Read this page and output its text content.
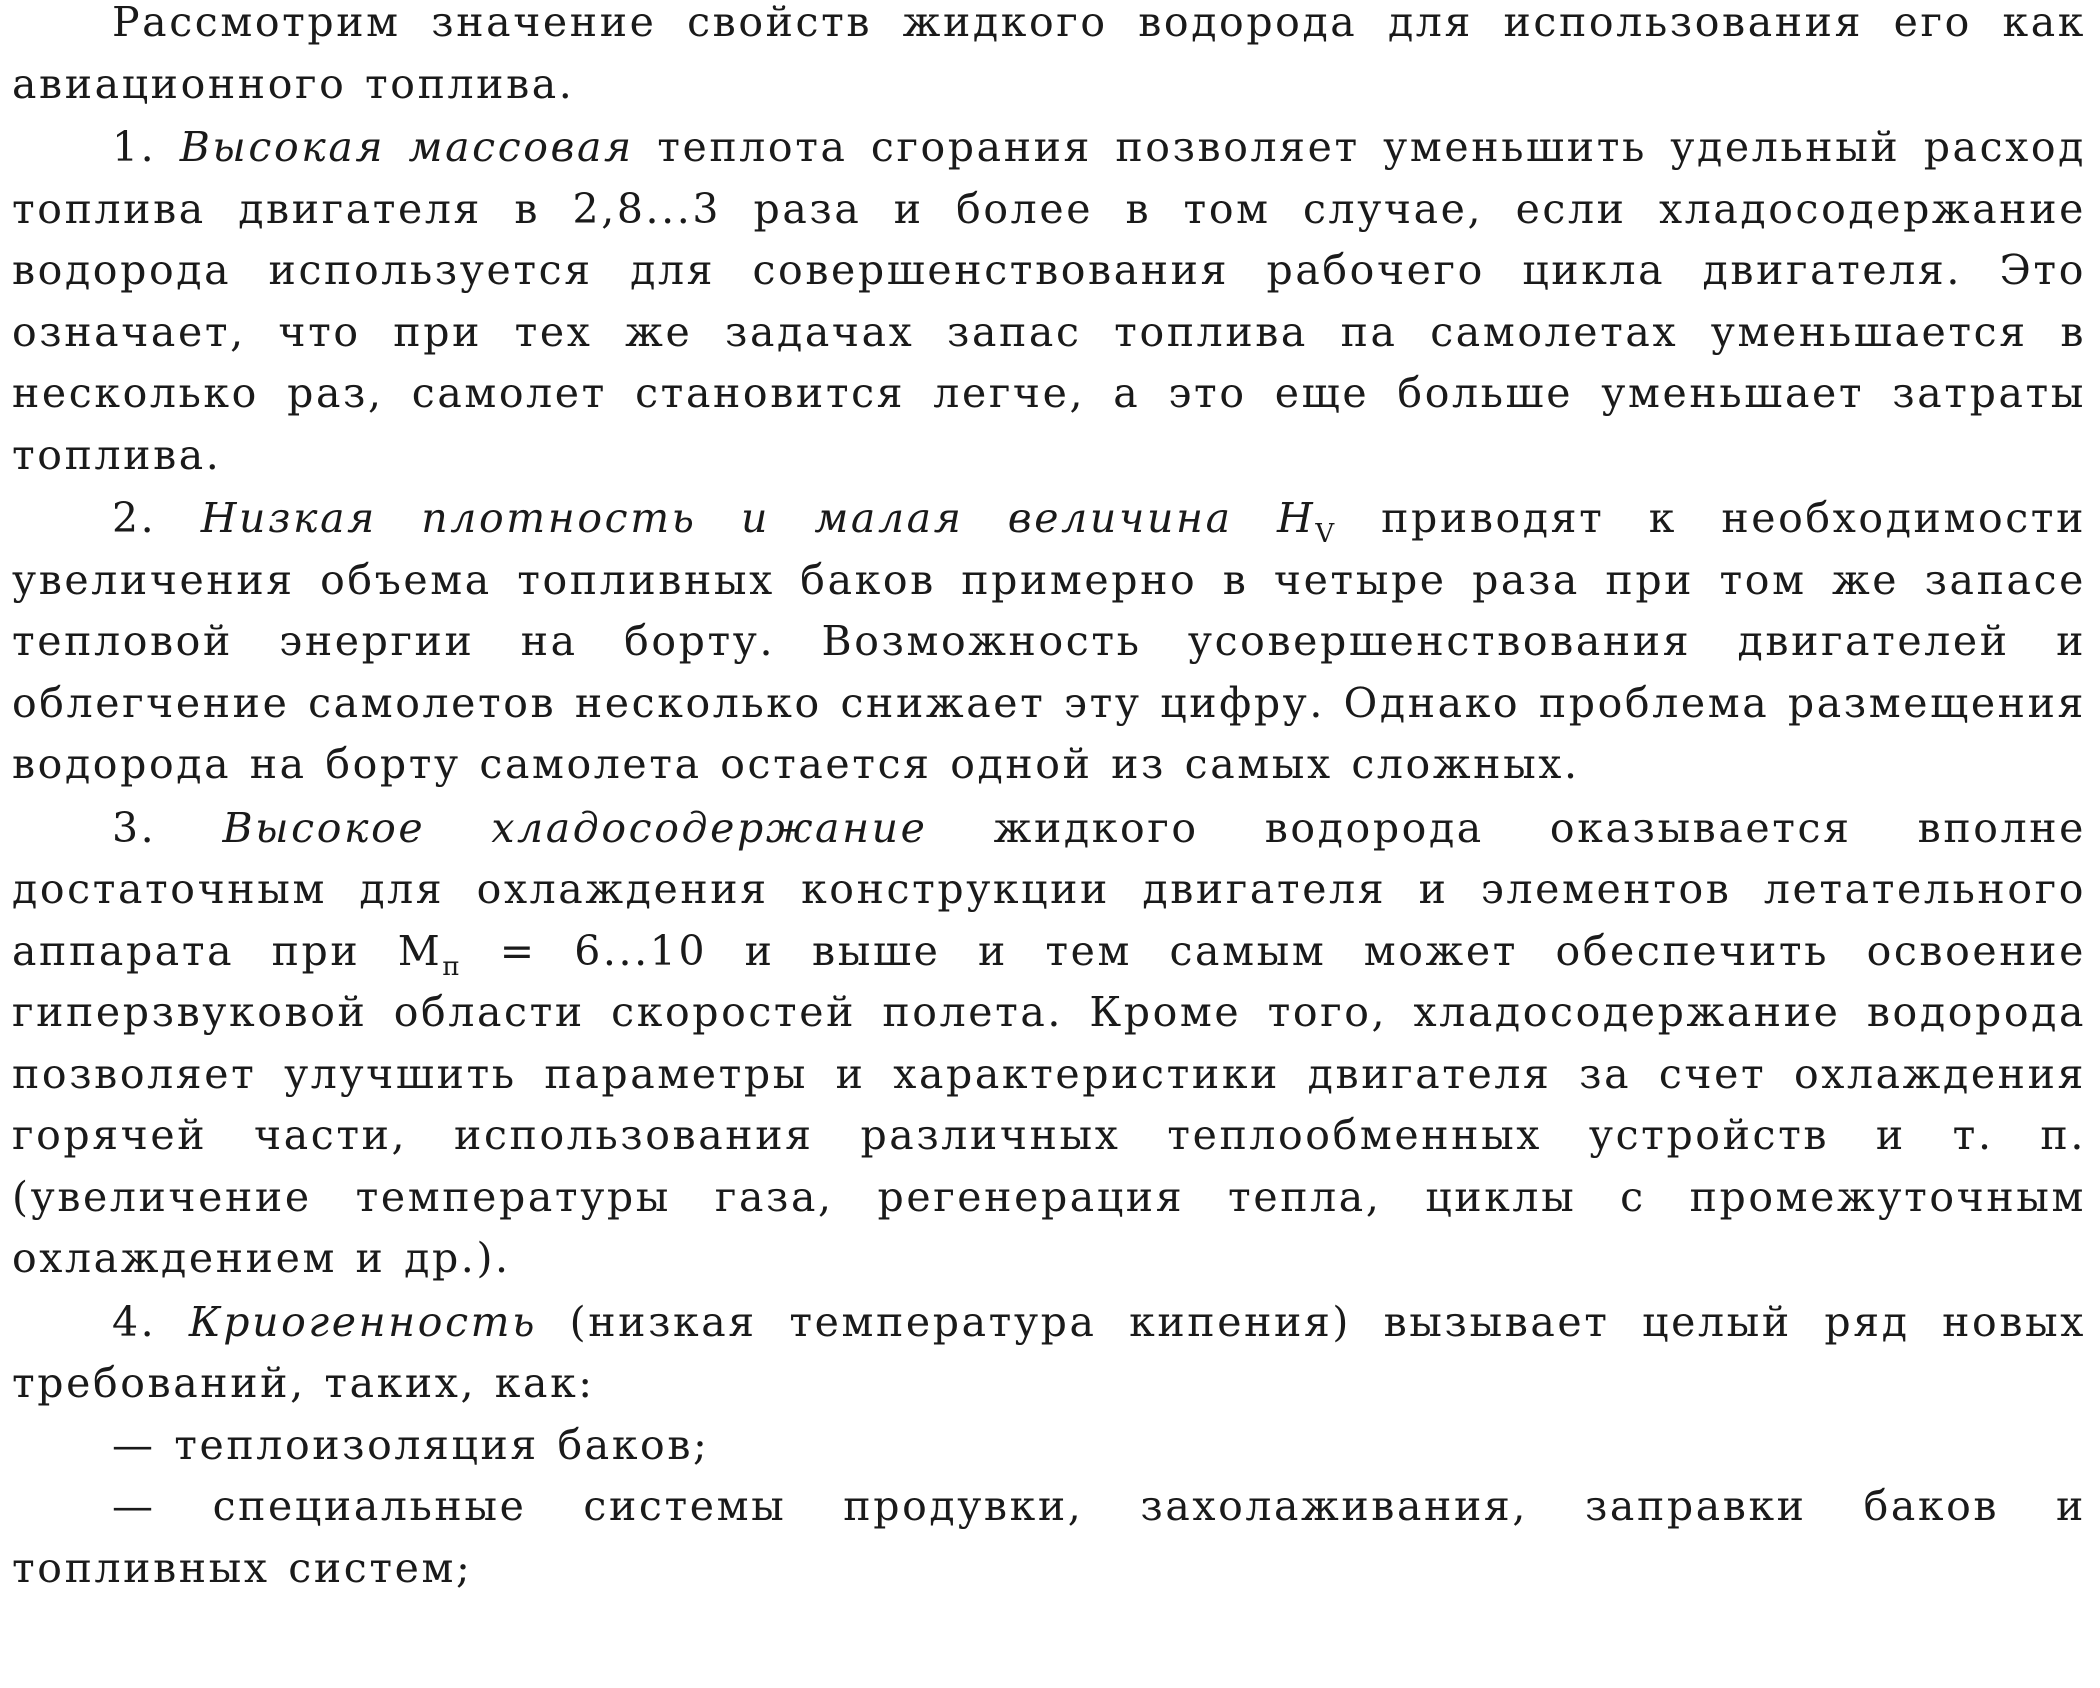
Рассмотрим значение свойств жидкого водорода для использования его как авиационного топлива.

1. Высокая массовая теплота сгорания позволяет уменьшить удельный расход топлива двигателя в 2,8...3 раза и более в том случае, если хладосодержание водорода используется для совершенствования рабочего цикла двигателя. Это означает, что при тех же задачах запас топлива па самолетах уменьшается в несколько раз, самолет становится легче, а это еще больше уменьшает затраты топлива.

2. Низкая плотность и малая величина $H_V$ приводят к необходимости увеличения объема топливных баков примерно в четыре раза при том же запасе тепловой энергии на борту. Возможность усовершенствования двигателей и облегчение самолетов несколько снижает эту цифру. Однако проблема размещения водорода на борту самолета остается одной из самых сложных.

3. Высокое хладосодержание жидкого водорода оказывается вполне достаточным для охлаждения конструкции двигателя и элементов летательного аппарата при $M_п = 6...10$ и выше и тем самым может обеспечить освоение гиперзвуковой области скоростей полета. Кроме того, хладосодержание водорода позволяет улучшить параметры и характеристики двигателя за счет охлаждения горячей части, использования различных теплообменных устройств и т. п. (увеличение температуры газа, регенерация тепла, циклы с промежуточным охлаждением и др.).

4. Криогенность (низкая температура кипения) вызывает целый ряд новых требований, таких, как:

— теплоизоляция баков;

— специальные системы продувки, захолаживания, заправки баков и топливных систем;
